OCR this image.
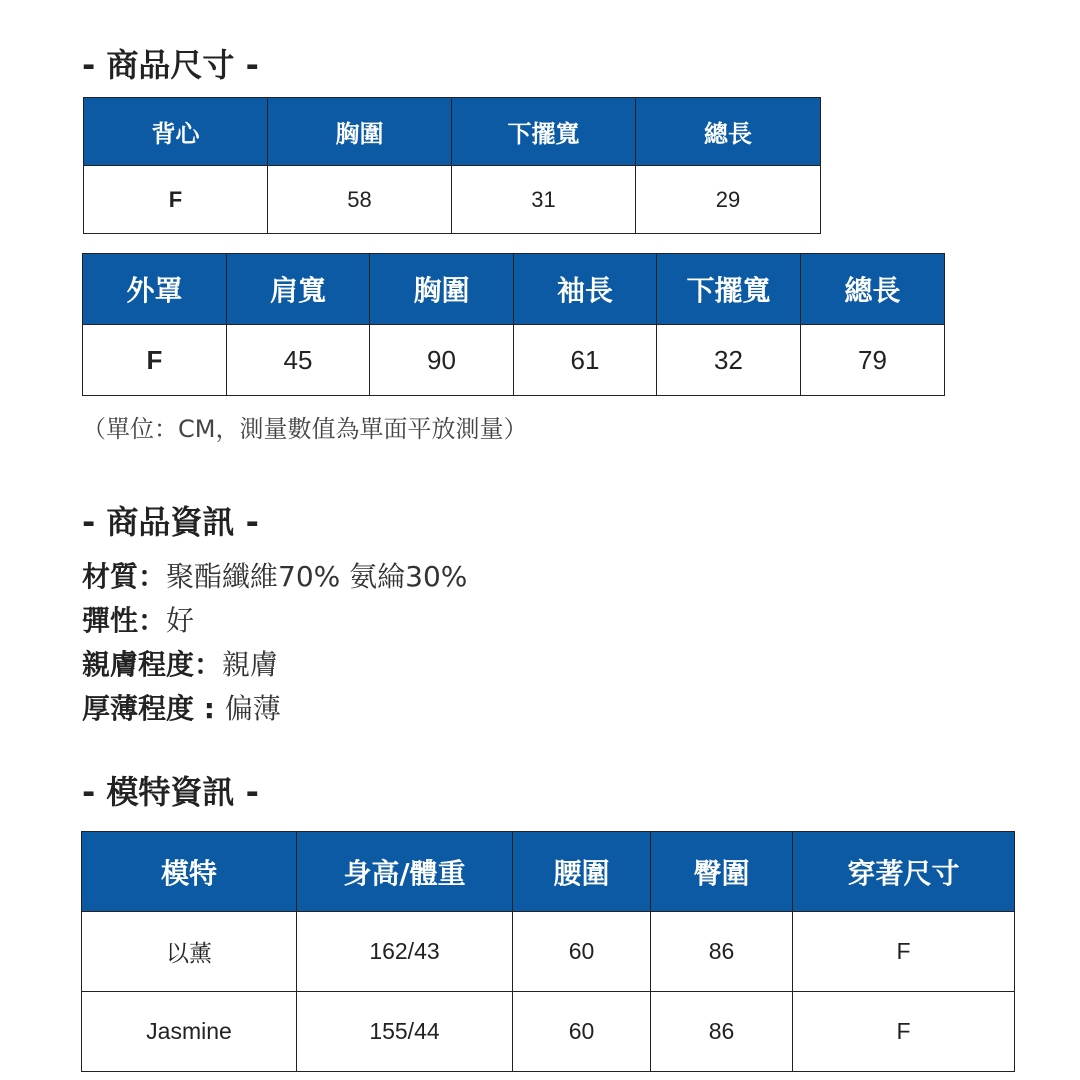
- 商品尺寸 -
背心	胸圍	下擺寬	總長
F	58	31	29
外罩	肩寬	胸圍	袖長	下擺寬	總長
F	45	90	61	32	79

（單位：CM，測量數值為單面平放測量）

- 商品資訊 -
材質：聚酯纖維70% 氨綸30%
彈性：好
親膚程度：親膚
厚薄程度 : 偏薄
- 模特資訊 -
模特	身高/體重	腰圍	臀圍	穿著尺寸
以薰	162/43	60	86	F
Jasmine	155/44	60	86	F
